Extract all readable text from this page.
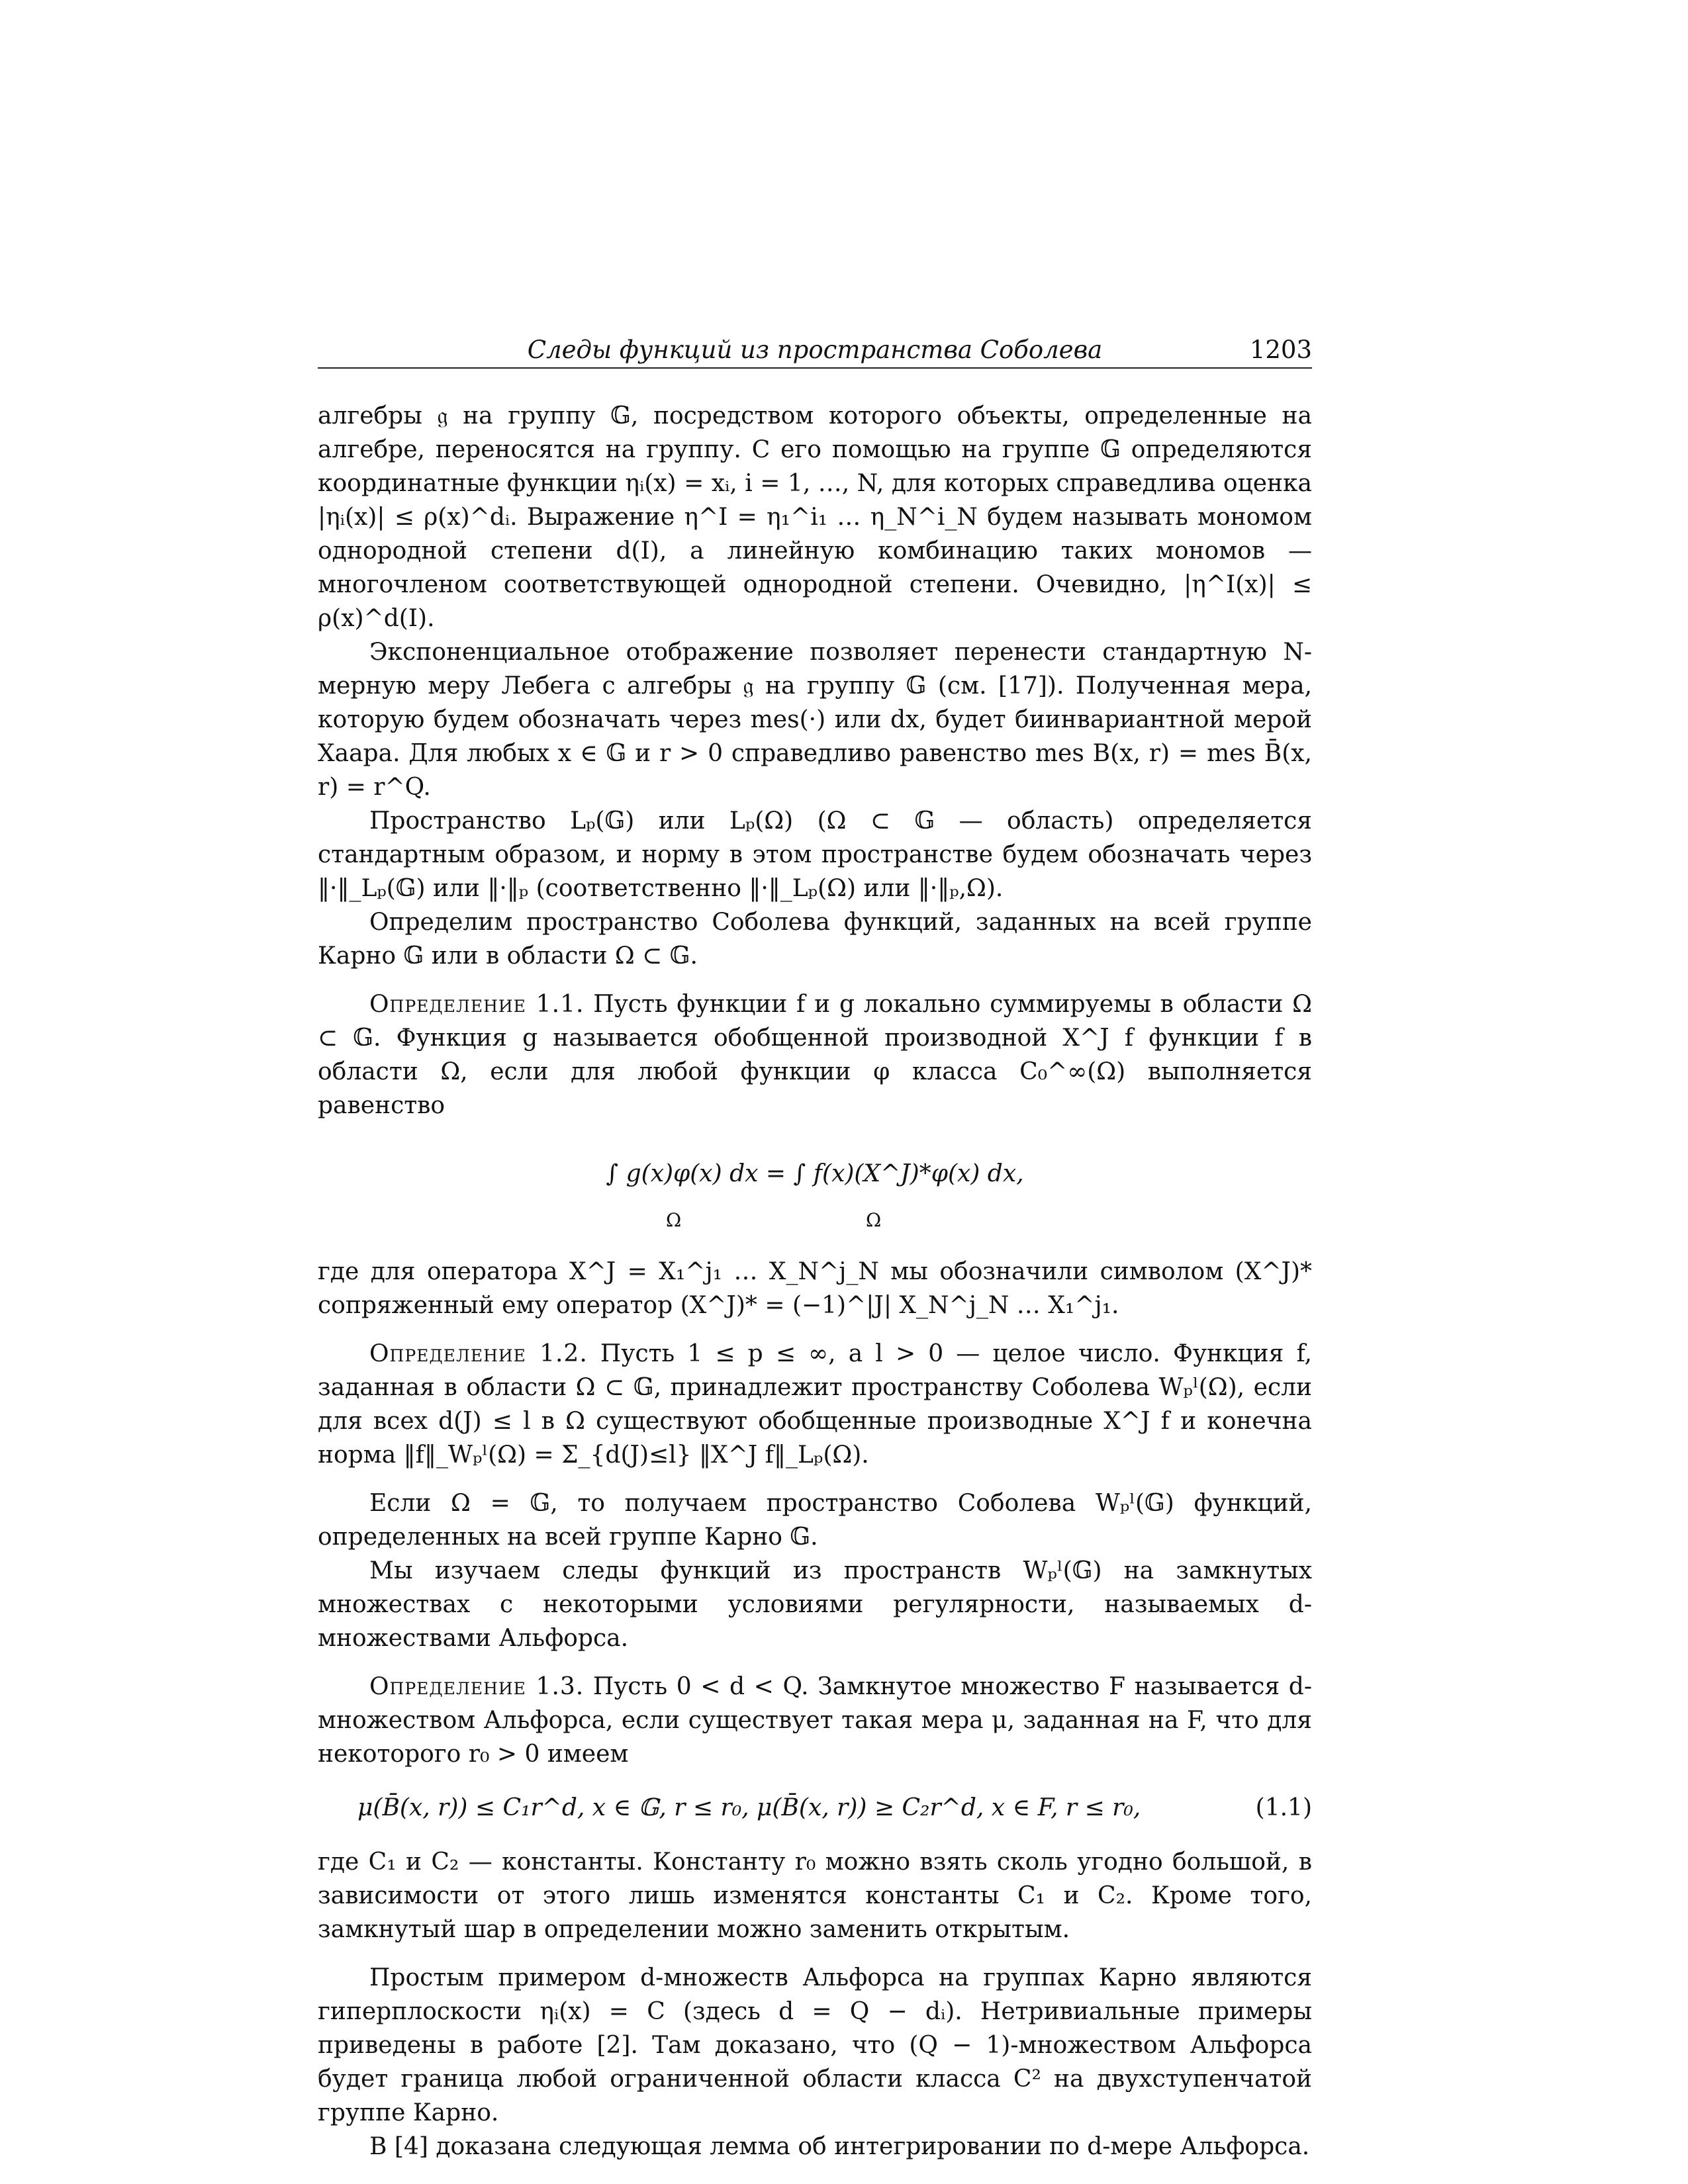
Следы функций из пространства Соболева	1203

алгебры 𝔤 на группу 𝔾, посредством которого объекты, определенные на алгебре, переносятся на группу. С его помощью на группе 𝔾 определяются координатные функции ηᵢ(x) = xᵢ, i = 1, …, N, для которых справедлива оценка |ηᵢ(x)| ≤ ρ(x)^dᵢ. Выражение η^I = η₁^i₁ … η_N^i_N будем называть мономом однородной степени d(I), а линейную комбинацию таких мономов — многочленом соответствующей однородной степени. Очевидно, |η^I(x)| ≤ ρ(x)^d(I).

Экспоненциальное отображение позволяет перенести стандартную N-мерную меру Лебега с алгебры 𝔤 на группу 𝔾 (см. [17]). Полученная мера, которую будем обозначать через mes(·) или dx, будет биинвариантной мерой Хаара. Для любых x ∈ 𝔾 и r > 0 справедливо равенство mes B(x, r) = mes B̄(x, r) = r^Q.

Пространство Lₚ(𝔾) или Lₚ(Ω) (Ω ⊂ 𝔾 — область) определяется стандартным образом, и норму в этом пространстве будем обозначать через ‖·‖_Lₚ(𝔾) или ‖·‖ₚ (соответственно ‖·‖_Lₚ(Ω) или ‖·‖ₚ,Ω).

Определим пространство Соболева функций, заданных на всей группе Карно 𝔾 или в области Ω ⊂ 𝔾.

Определение 1.1. Пусть функции f и g локально суммируемы в области Ω ⊂ 𝔾. Функция g называется обобщенной производной X^J f функции f в области Ω, если для любой функции φ класса C₀^∞(Ω) выполняется равенство

∫ g(x)φ(x) dx = ∫ f(x)(X^J)*φ(x) dx,
Ω	Ω

где для оператора X^J = X₁^j₁ … X_N^j_N мы обозначили символом (X^J)* сопряженный ему оператор (X^J)* = (−1)^|J| X_N^j_N … X₁^j₁.

Определение 1.2. Пусть 1 ≤ p ≤ ∞, а l > 0 — целое число. Функция f, заданная в области Ω ⊂ 𝔾, принадлежит пространству Соболева Wₚˡ(Ω), если для всех d(J) ≤ l в Ω существуют обобщенные производные X^J f и конечна норма ‖f‖_Wₚˡ(Ω) = Σ_{d(J)≤l} ‖X^J f‖_Lₚ(Ω).

Если Ω = 𝔾, то получаем пространство Соболева Wₚˡ(𝔾) функций, определенных на всей группе Карно 𝔾.

Мы изучаем следы функций из пространств Wₚˡ(𝔾) на замкнутых множествах с некоторыми условиями регулярности, называемых d-множествами Альфорса.

Определение 1.3. Пусть 0 < d < Q. Замкнутое множество F называется d-множеством Альфорса, если существует такая мера μ, заданная на F, что для некоторого r₀ > 0 имеем

μ(B̄(x, r)) ≤ C₁r^d, x ∈ 𝔾, r ≤ r₀, μ(B̄(x, r)) ≥ C₂r^d, x ∈ F, r ≤ r₀,	(1.1)

где C₁ и C₂ — константы. Константу r₀ можно взять сколь угодно большой, в зависимости от этого лишь изменятся константы C₁ и C₂. Кроме того, замкнутый шар в определении можно заменить открытым.

Простым примером d-множеств Альфорса на группах Карно являются гиперплоскости ηᵢ(x) = C (здесь d = Q − dᵢ). Нетривиальные примеры приведены в работе [2]. Там доказано, что (Q − 1)-множеством Альфорса будет граница любой ограниченной области класса C² на двухступенчатой группе Карно.

В [4] доказана следующая лемма об интегрировании по d-мере Альфорса.
